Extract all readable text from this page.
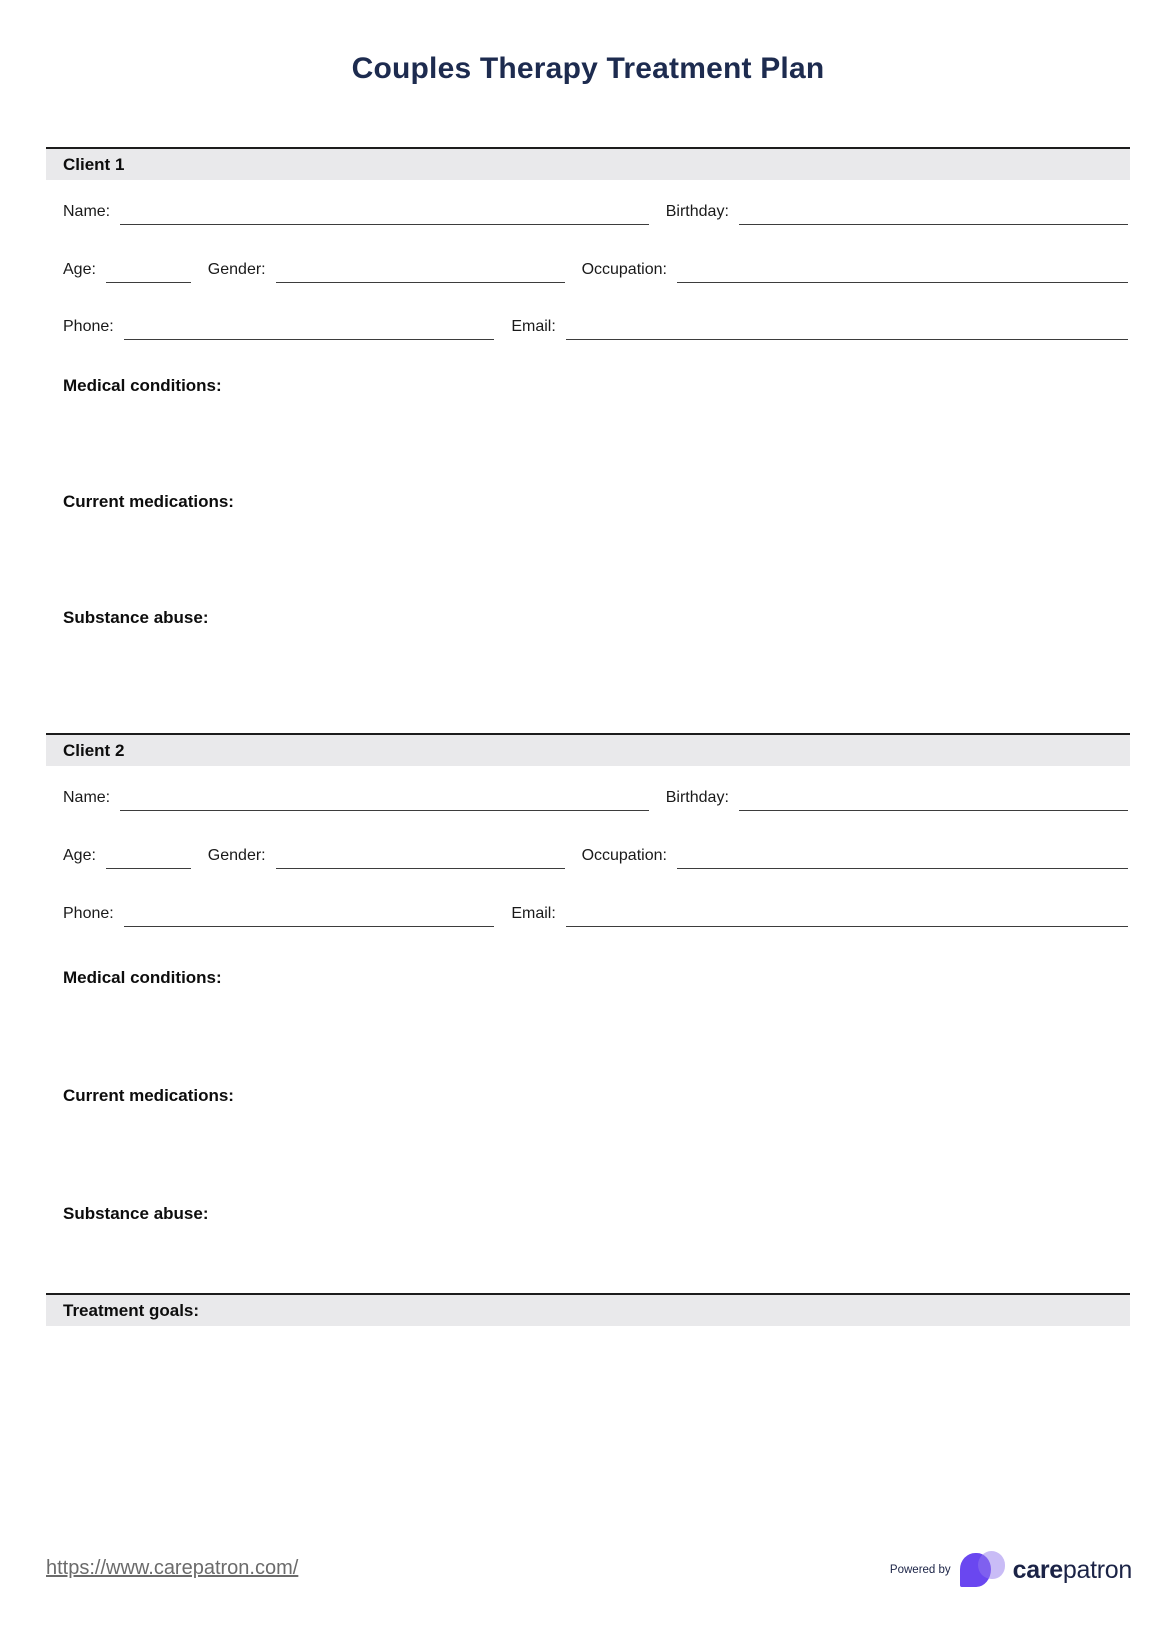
Couples Therapy Treatment Plan
Client 1
Name:	Birthday:
Age:	Gender:	Occupation:
Phone:	Email:
Medical conditions:
Current medications:
Substance abuse:
Client 2
Name:	Birthday:
Age:	Gender:	Occupation:
Phone:	Email:
Medical conditions:
Current medications:
Substance abuse:
Treatment goals:
https://www.carepatron.com/	Powered by carepatron
